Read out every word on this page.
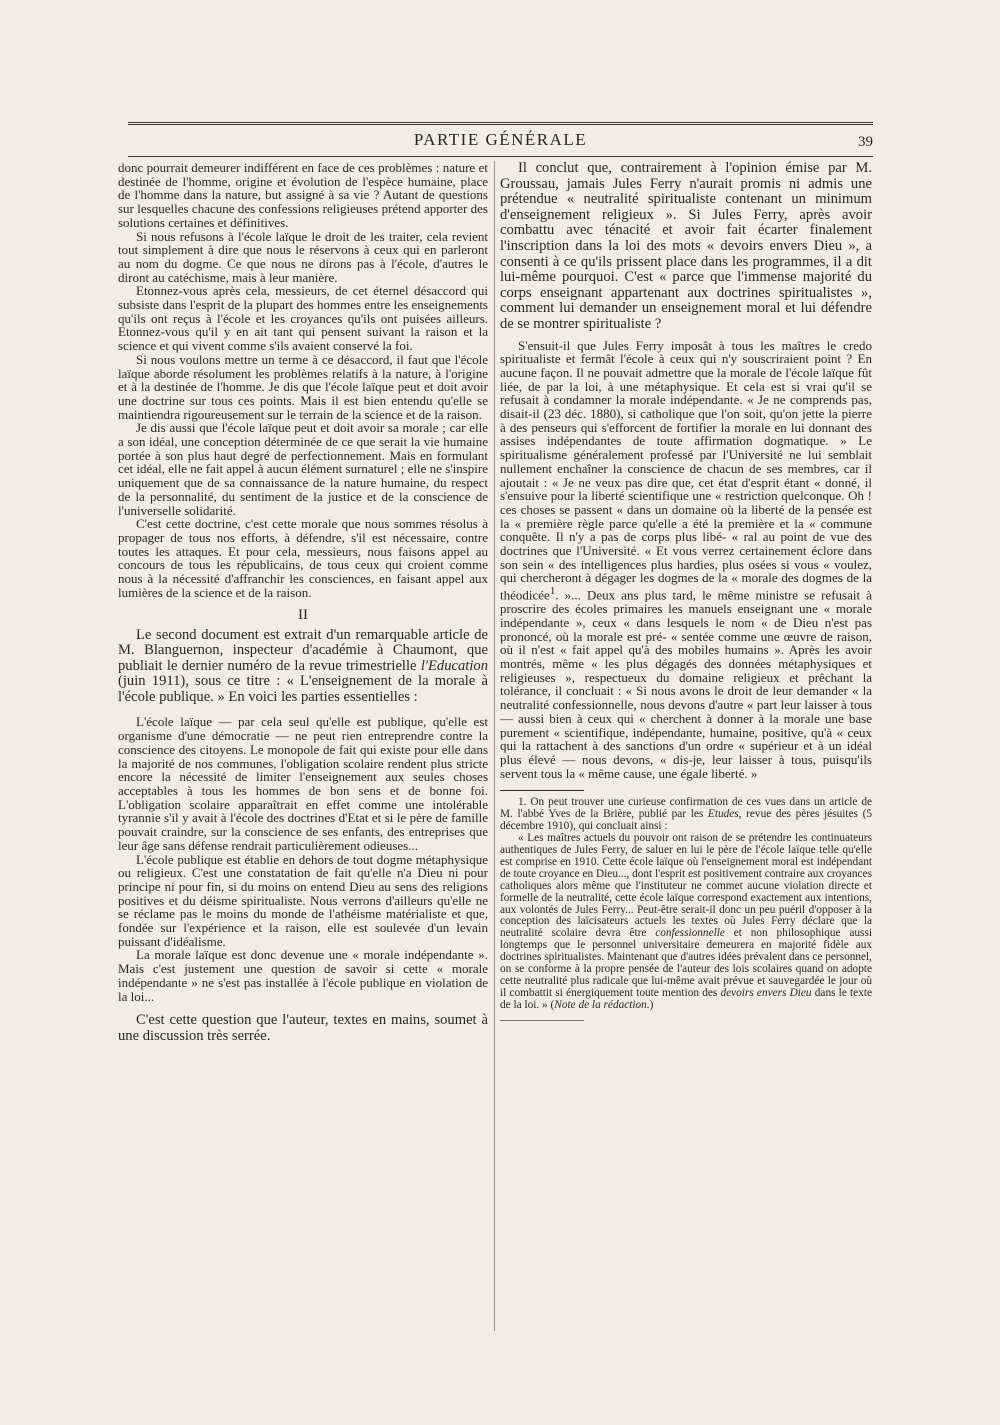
PARTIE GÉNÉRALE	39

donc pourrait demeurer indifférent en face de ces problèmes : nature et destinée de l'homme, origine et évolution de l'espèce humaine, place de l'homme dans la nature, but assigné à sa vie ? Autant de questions sur lesquelles chacune des confessions religieuses prétend apporter des solutions certaines et définitives.

Si nous refusons à l'école laïque le droit de les traiter, cela revient tout simplement à dire que nous le réservons à ceux qui en parleront au nom du dogme. Ce que nous ne dirons pas à l'école, d'autres le diront au catéchisme, mais à leur manière.

Etonnez-vous après cela, messieurs, de cet éternel désaccord qui subsiste dans l'esprit de la plupart des hommes entre les enseignements qu'ils ont reçus à l'école et les croyances qu'ils ont puisées ailleurs. Etonnez-vous qu'il y en ait tant qui pensent suivant la raison et la science et qui vivent comme s'ils avaient conservé la foi.

Si nous voulons mettre un terme à ce désaccord, il faut que l'école laïque aborde résolument les problèmes relatifs à la nature, à l'origine et à la destinée de l'homme. Je dis que l'école laïque peut et doit avoir une doctrine sur tous ces points. Mais il est bien entendu qu'elle se maintiendra rigoureusement sur le terrain de la science et de la raison.

Je dis aussi que l'école laïque peut et doit avoir sa morale ; car elle a son idéal, une conception déterminée de ce que serait la vie humaine portée à son plus haut degré de perfectionnement. Mais en formulant cet idéal, elle ne fait appel à aucun élément surnaturel ; elle ne s'inspire uniquement que de sa connaissance de la nature humaine, du respect de la personnalité, du sentiment de la justice et de la conscience de l'universelle solidarité.

C'est cette doctrine, c'est cette morale que nous sommes résolus à propager de tous nos efforts, à défendre, s'il est nécessaire, contre toutes les attaques. Et pour cela, messieurs, nous faisons appel au concours de tous les républicains, de tous ceux qui croient comme nous à la nécessité d'affranchir les consciences, en faisant appel aux lumières de la science et de la raison.

II

Le second document est extrait d'un remarquable article de M. Blanguernon, inspecteur d'académie à Chaumont, que publiait le dernier numéro de la revue trimestrielle l'Education (juin 1911), sous ce titre : « L'enseignement de la morale à l'école publique. » En voici les parties essentielles :

L'école laïque — par cela seul qu'elle est publique, qu'elle est organisme d'une démocratie — ne peut rien entreprendre contre la conscience des citoyens. Le monopole de fait qui existe pour elle dans la majorité de nos communes, l'obligation scolaire rendent plus stricte encore la nécessité de limiter l'enseignement aux seules choses acceptables à tous les hommes de bon sens et de bonne foi. L'obligation scolaire apparaîtrait en effet comme une intolérable tyrannie s'il y avait à l'école des doctrines d'Etat et si le père de famille pouvait craindre, sur la conscience de ses enfants, des entreprises que leur âge sans défense rendrait particulièrement odieuses...

L'école publique est établie en dehors de tout dogme métaphysique ou religieux. C'est une constatation de fait qu'elle n'a Dieu ni pour principe ni pour fin, si du moins on entend Dieu au sens des religions positives et du déisme spiritualiste. Nous verrons d'ailleurs qu'elle ne se réclame pas le moins du monde de l'athéisme matérialiste et que, fondée sur l'expérience et la raison, elle est soulevée d'un levain puissant d'idéalisme.

La morale laïque est donc devenue une « morale indépendante ». Mais c'est justement une question de savoir si cette « morale indépendante » ne s'est pas installée à l'école publique en violation de la loi...

C'est cette question que l'auteur, textes en mains, soumet à une discussion très serrée.

Il conclut que, contrairement à l'opinion émise par M. Groussau, jamais Jules Ferry n'aurait promis ni admis une prétendue « neutralité spiritualiste contenant un minimum d'enseignement religieux ». Si Jules Ferry, après avoir combattu avec ténacité et avoir fait écarter finalement l'inscription dans la loi des mots « devoirs envers Dieu », a consenti à ce qu'ils prissent place dans les programmes, il a dit lui-même pourquoi. C'est « parce que l'immense majorité du corps enseignant appartenant aux doctrines spiritualistes », comment lui demander un enseignement moral et lui défendre de se montrer spiritualiste ?

S'ensuit-il que Jules Ferry imposât à tous les maîtres le credo spiritualiste et fermât l'école à ceux qui n'y souscriraient point ? En aucune façon. Il ne pouvait admettre que la morale de l'école laïque fût liée, de par la loi, à une métaphysique. Et cela est si vrai qu'il se refusait à condamner la morale indépendante. « Je ne comprends pas, disait-il (23 déc. 1880), si catholique que l'on soit, qu'on jette la pierre à des penseurs qui s'efforcent de fortifier la morale en lui donnant des assises indépendantes de toute affirmation dogmatique. » Le spiritualisme généralement professé par l'Université ne lui semblait nullement enchaîner la conscience de chacun de ses membres, car il ajoutait : « Je ne veux pas dire que, cet état d'esprit étant « donné, il s'ensuive pour la liberté scientifique une « restriction quelconque. Oh ! ces choses se passent « dans un domaine où la liberté de la pensée est la « première règle parce qu'elle a été la première et la « commune conquête. Il n'y a pas de corps plus libé- « ral au point de vue des doctrines que l'Université. « Et vous verrez certainement éclore dans son sein « des intelligences plus hardies, plus osées si vous « voulez, qui chercheront à dégager les dogmes de la « morale des dogmes de la théodicée$^1$. »... Deux ans plus tard, le même ministre se refusait à proscrire des écoles primaires les manuels enseignant une « morale indépendante », ceux « dans lesquels le nom « de Dieu n'est pas prononcé, où la morale est pré- « sentée comme une œuvre de raison, où il n'est « fait appel qu'à des mobiles humains ». Après les avoir montrés, même « les plus dégagés des données métaphysiques et religieuses », respectueux du domaine religieux et prêchant la tolérance, il concluait : « Si nous avons le droit de leur demander « la neutralité confessionnelle, nous devons d'autre « part leur laisser à tous — aussi bien à ceux qui « cherchent à donner à la morale une base purement « scientifique, indépendante, humaine, positive, qu'à « ceux qui la rattachent à des sanctions d'un ordre « supérieur et à un idéal plus élevé — nous devons, « dis-je, leur laisser à tous, puisqu'ils servent tous la « même cause, une égale liberté. »

1. On peut trouver une curieuse confirmation de ces vues dans un article de M. l'abbé Yves de la Brière, publié par les Etudes, revue des pères jésuites (5 décembre 1910), qui concluait ainsi :

« Les maîtres actuels du pouvoir ont raison de se prétendre les continuateurs authentiques de Jules Ferry, de saluer en lui le père de l'école laïque telle qu'elle est comprise en 1910. Cette école laïque où l'enseignement moral est indépendant de toute croyance en Dieu..., dont l'esprit est positivement contraire aux croyances catholiques alors même que l'instituteur ne commet aucune violation directe et formelle de la neutralité, cette école laïque correspond exactement aux intentions, aux volontés de Jules Ferry... Peut-être serait-il donc un peu puéril d'opposer à la conception des laïcisateurs actuels les textes où Jules Ferry déclare que la neutralité scolaire devra être confessionnelle et non philosophique aussi longtemps que le personnel universitaire demeurera en majorité fidèle aux doctrines spiritualistes. Maintenant que d'autres idées prévalent dans ce personnel, on se conforme à la propre pensée de l'auteur des lois scolaires quand on adopte cette neutralité plus radicale que lui-même avait prévue et sauvegardée le jour où il combattit si énergiquement toute mention des devoirs envers Dieu dans le texte de la loi. » (Note de la rédaction.)
